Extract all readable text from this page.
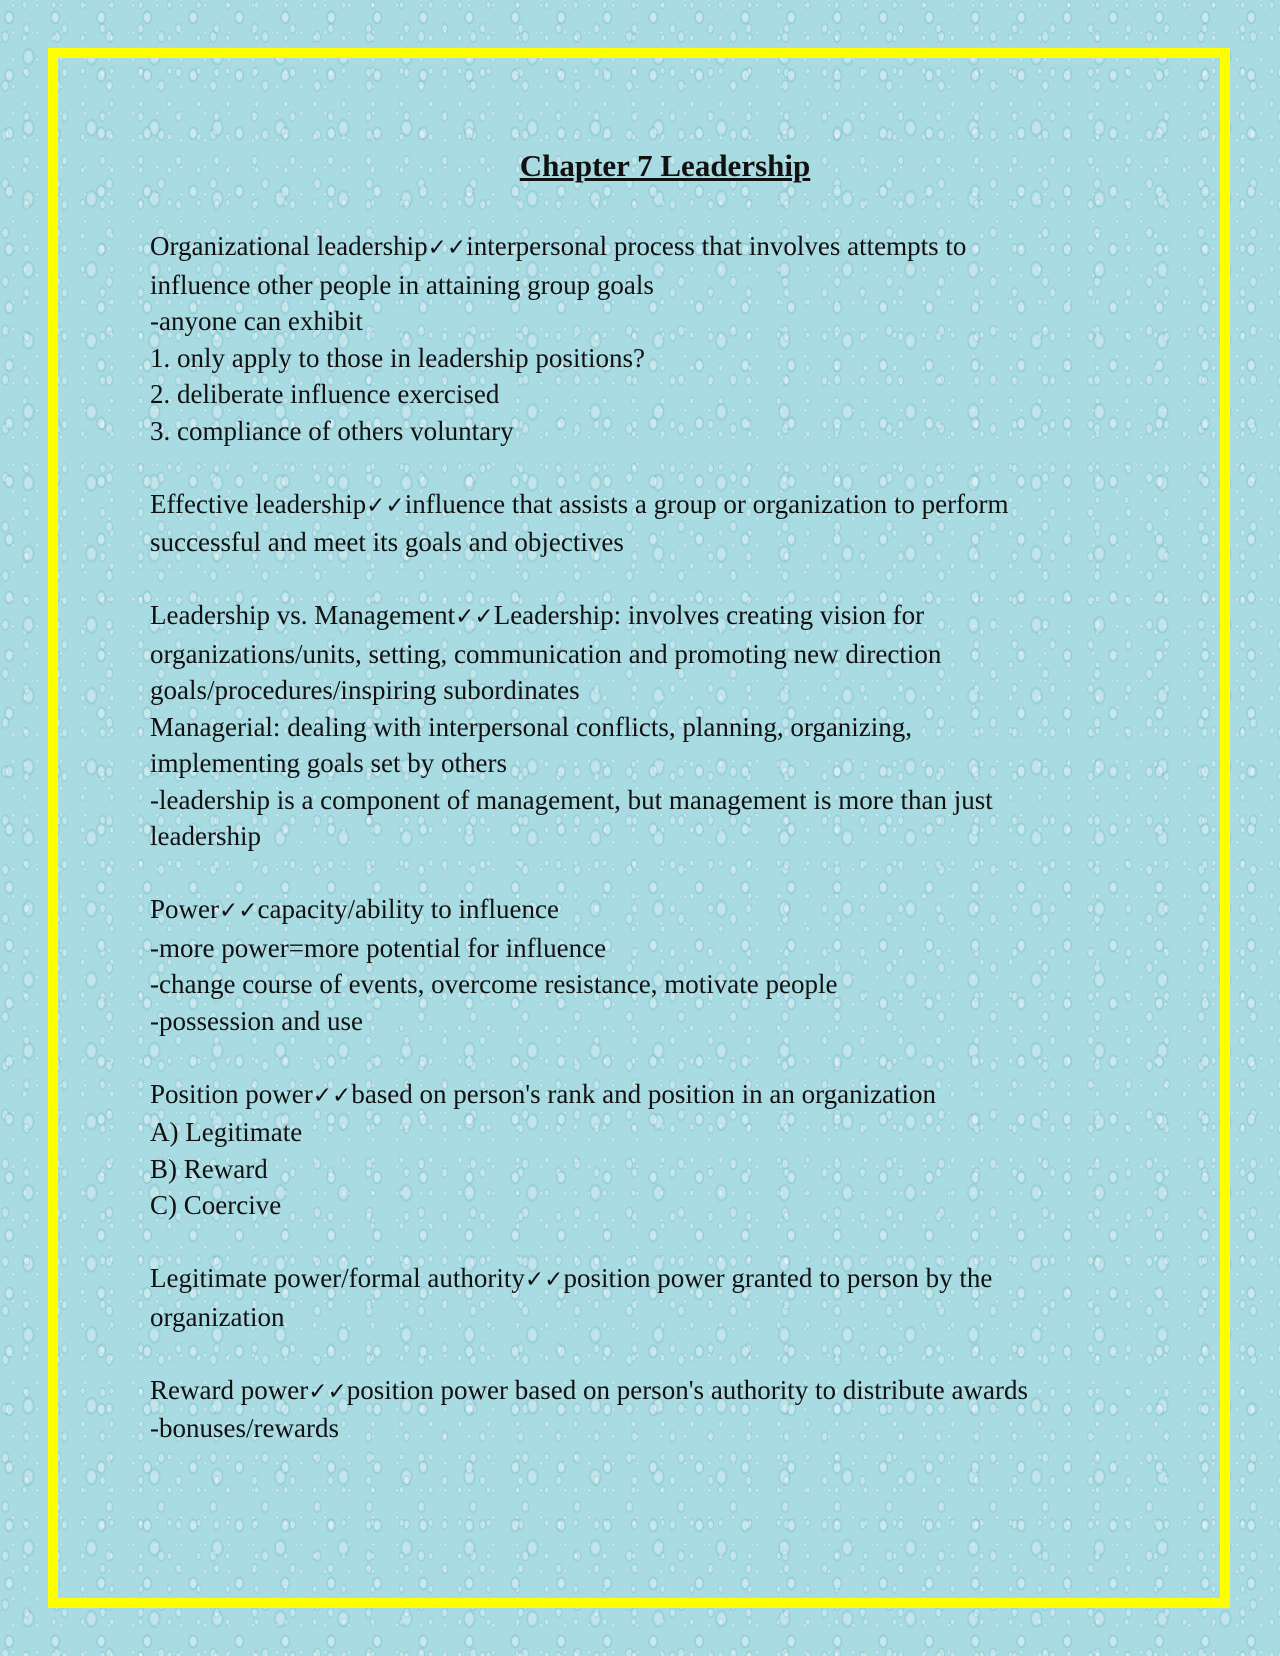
Chapter 7 Leadership
Organizational leadership✓✓interpersonal process that involves attempts to
influence other people in attaining group goals
-anyone can exhibit
1. only apply to those in leadership positions?
2. deliberate influence exercised
3. compliance of others voluntary
Effective leadership✓✓influence that assists a group or organization to perform
successful and meet its goals and objectives
Leadership vs. Management✓✓Leadership: involves creating vision for
organizations/units, setting, communication and promoting new direction
goals/procedures/inspiring subordinates
Managerial: dealing with interpersonal conflicts, planning, organizing,
implementing goals set by others
-leadership is a component of management, but management is more than just
leadership
Power✓✓capacity/ability to influence
-more power=more potential for influence
-change course of events, overcome resistance, motivate people
-possession and use
Position power✓✓based on person's rank and position in an organization
A) Legitimate
B) Reward
C) Coercive
Legitimate power/formal authority✓✓position power granted to person by the
organization
Reward power✓✓position power based on person's authority to distribute awards
-bonuses/rewards
